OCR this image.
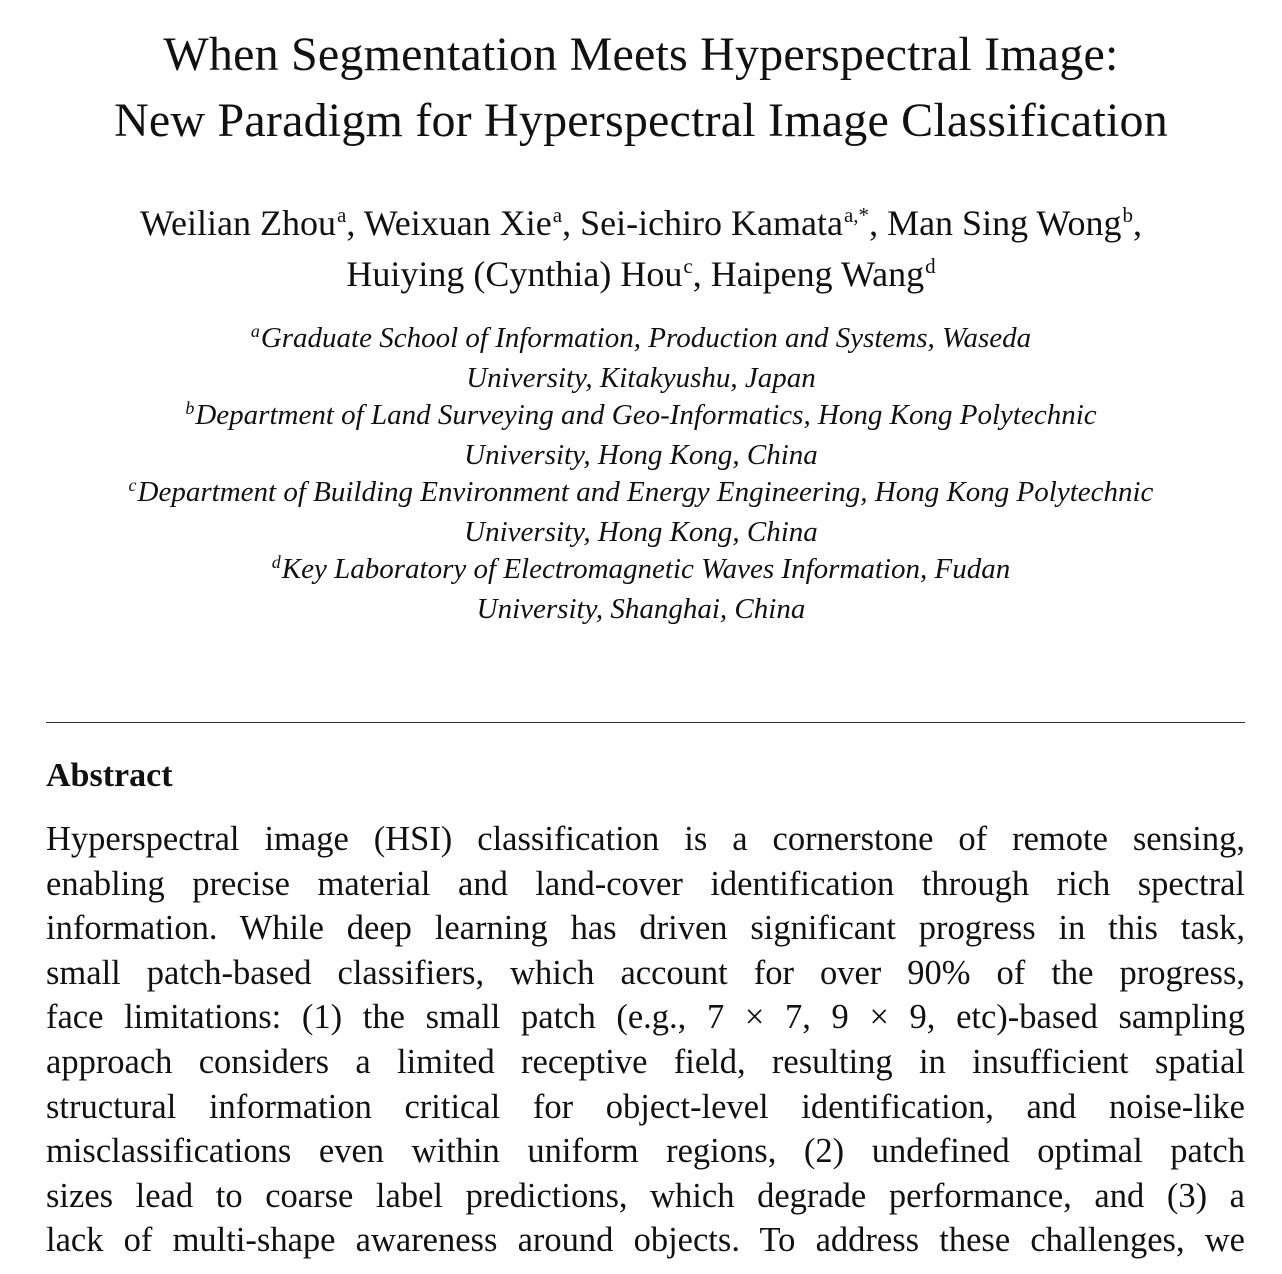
When Segmentation Meets Hyperspectral Image:
New Paradigm for Hyperspectral Image Classification
Weilian Zhou$^a$, Weixuan Xie$^a$, Sei-ichiro Kamata$^{a,*}$, Man Sing Wong$^b$,
Huiying (Cynthia) Hou$^c$, Haipeng Wang$^d$
$^a$Graduate School of Information, Production and Systems, Waseda
University, Kitakyushu, Japan
$^b$Department of Land Surveying and Geo-Informatics, Hong Kong Polytechnic
University, Hong Kong, China
$^c$Department of Building Environment and Energy Engineering, Hong Kong Polytechnic
University, Hong Kong, China
$^d$Key Laboratory of Electromagnetic Waves Information, Fudan
University, Shanghai, China
Abstract
Hyperspectral image (HSI) classification is a cornerstone of remote sensing,
enabling precise material and land-cover identification through rich spectral
information. While deep learning has driven significant progress in this task,
small patch-based classifiers, which account for over 90% of the progress,
face limitations: (1) the small patch (e.g., 7 × 7, 9 × 9, etc)-based sampling
approach considers a limited receptive field, resulting in insufficient spatial
structural information critical for object-level identification, and noise-like
misclassifications even within uniform regions, (2) undefined optimal patch
sizes lead to coarse label predictions, which degrade performance, and (3) a
lack of multi-shape awareness around objects. To address these challenges, we
